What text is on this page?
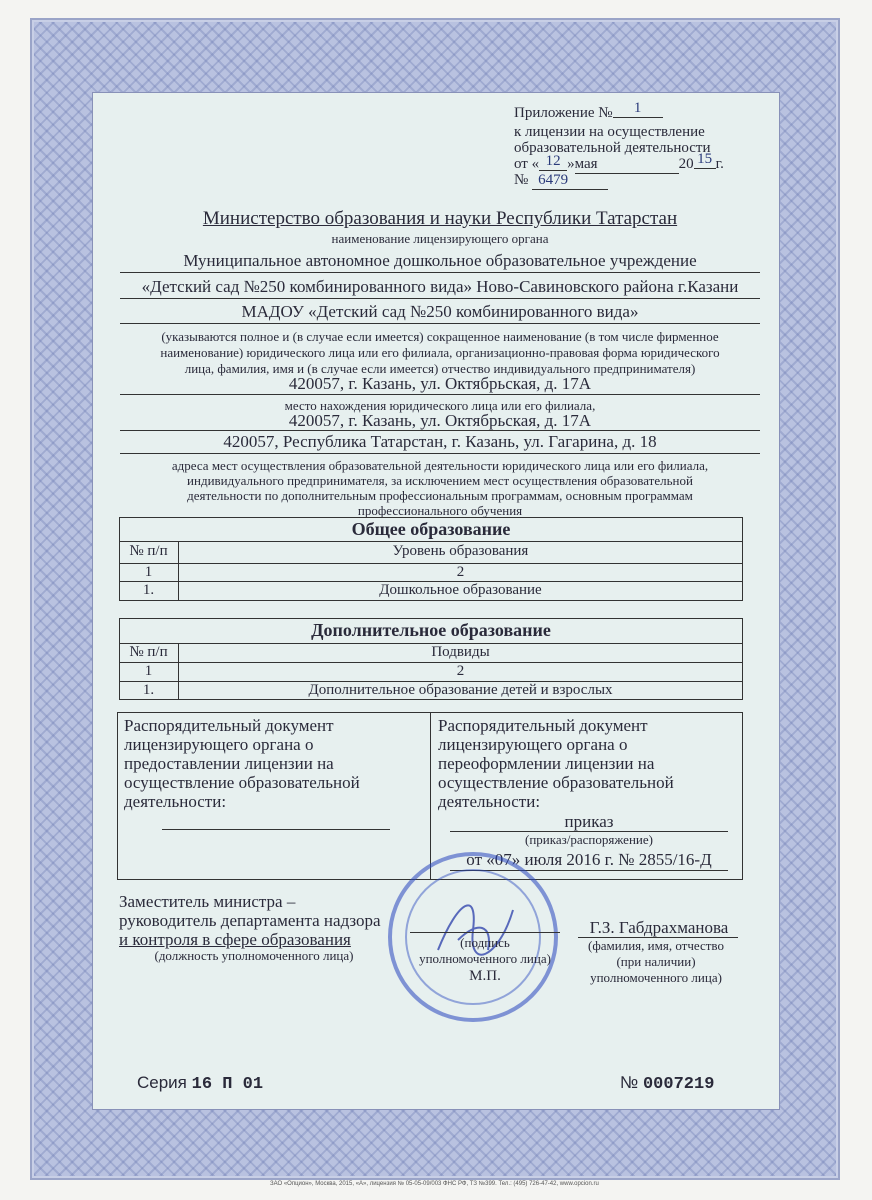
Приложение № 1
к лицензии на осуществление
образовательной деятельности
от « 12 »мая	20 15 г.
№ 6479
Министерство образования и науки Республики Татарстан
наименование лицензирующего органа
Муниципальное автономное дошкольное образовательное учреждение
«Детский сад №250 комбинированного вида» Ново-Савиновского района г.Казани
МАДОУ «Детский сад №250 комбинированного вида»
(указываются полное и (в случае если имеется) сокращенное наименование (в том числе фирменное
наименование) юридического лица или его филиала, организационно-правовая форма юридического
лица, фамилия, имя и (в случае если имеется) отчество индивидуального предпринимателя)
420057, г. Казань, ул. Октябрьская, д. 17А
место нахождения юридического лица или его филиала,
420057, г. Казань, ул. Октябрьская, д. 17А
420057, Республика Татарстан, г. Казань, ул. Гагарина, д. 18
адреса мест осуществления образовательной деятельности юридического лица или его филиала,
индивидуального предпринимателя, за исключением мест осуществления образовательной
деятельности по дополнительным профессиональным программам, основным программам
профессионального обучения
Общее образование
№ п/п	Уровень образования
1	2
1.	Дошкольное образование
Дополнительное образование
№ п/п	Подвиды
1	2
1.	Дополнительное образование детей и взрослых
Распорядительный документ
лицензирующего органа о
предоставлении лицензии на
осуществление образовательной
деятельности:
Распорядительный документ
лицензирующего органа о
переоформлении лицензии на
осуществление образовательной
деятельности:
приказ
(приказ/распоряжение)
от «07» июля 2016 г. № 2855/16-Д
Заместитель министра –
руководитель департамента надзора
и контроля в сфере образования
(должность уполномоченного лица)
(подпись
уполномоченного лица)
М.П.
Г.З. Габдрахманова
(фамилия, имя, отчество
(при наличии)
уполномоченного лица)
Серия 16 П 01	№ 0007219
ЗАО «Опцион», Москва, 2015, «А», лицензия № 05-05-09/003 ФНС РФ, ТЗ №399. Тел.: (495) 726-47-42, www.opcion.ru
